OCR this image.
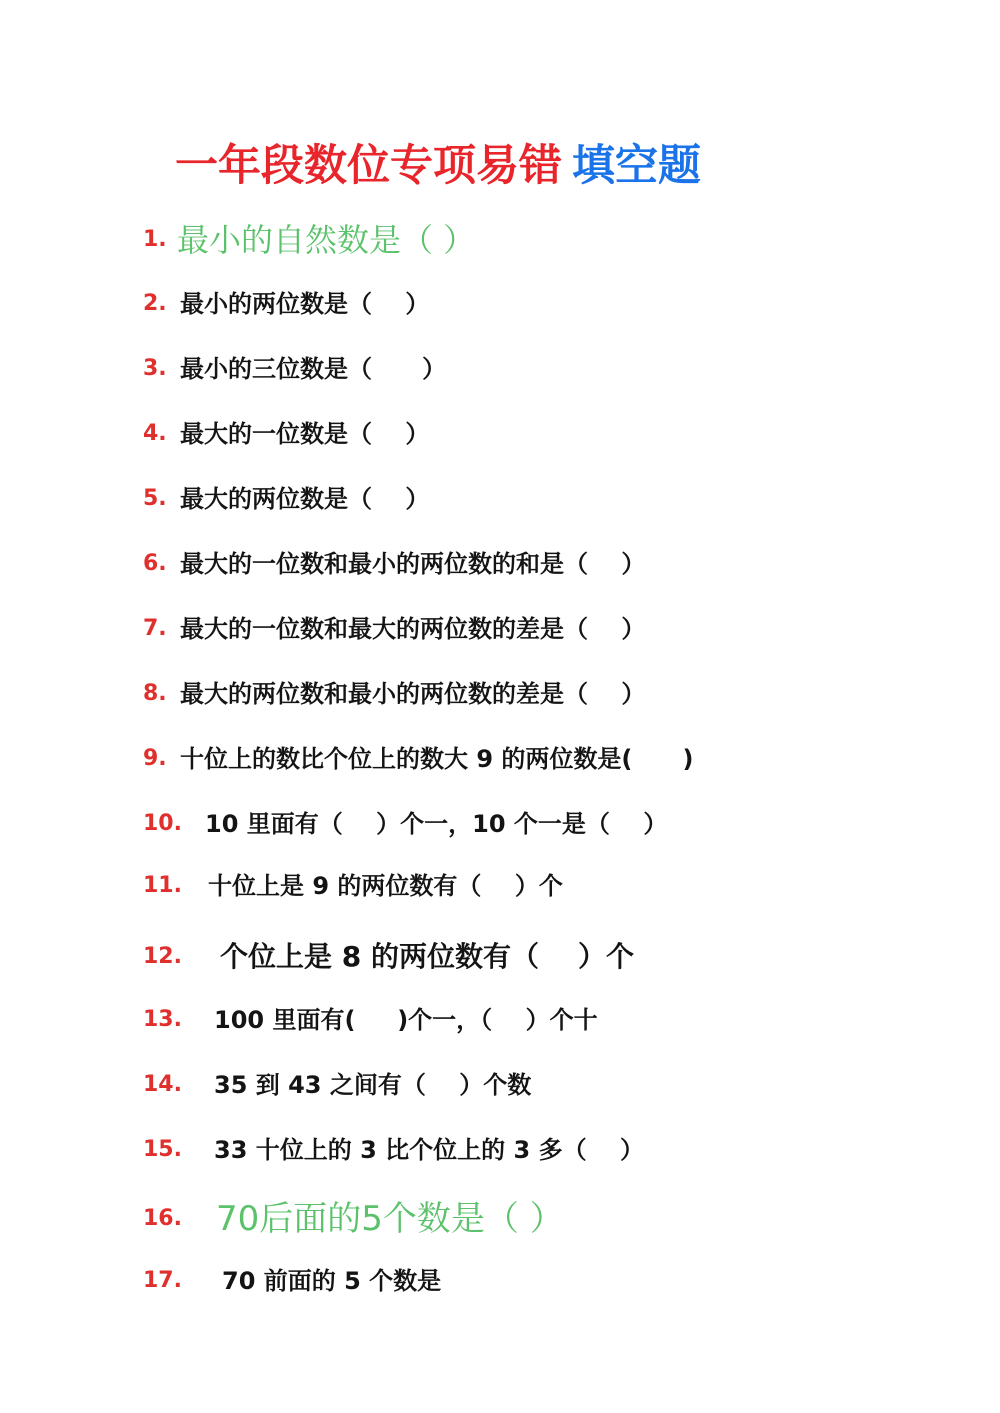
一年段数位专项易错 填空题
1. 最小的自然数是（ ）
2. 最小的两位数是（    ）
3. 最小的三位数是（      ）
4. 最大的一位数是（    ）
5. 最大的两位数是（    ）
6. 最大的一位数和最小的两位数的和是（    ）
7. 最大的一位数和最大的两位数的差是（    ）
8. 最大的两位数和最小的两位数的差是（    ）
9. 十位上的数比个位上的数大 9 的两位数是(      )
10. 10 里面有（    ）个一，10 个一是（    ）
11. 十位上是 9 的两位数有（    ）个
12. 个位上是 8 的两位数有（    ）个
13. 100 里面有(     )个一，（    ）个十
14. 35 到 43 之间有（    ）个数
15. 33 十位上的 3 比个位上的 3 多（    ）
16. 70后面的5个数是（ ）
17. 70 前面的 5 个数是
